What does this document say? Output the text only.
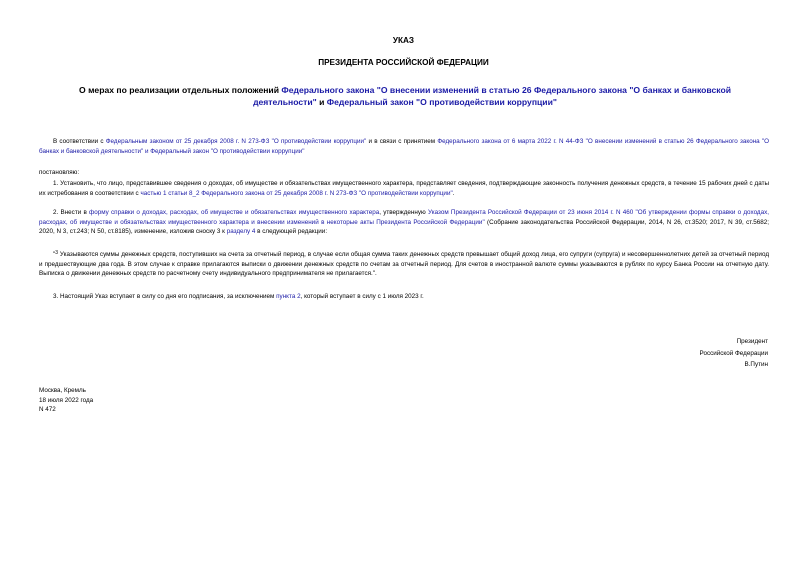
УКАЗ
ПРЕЗИДЕНТА РОССИЙСКОЙ ФЕДЕРАЦИИ
О мерах по реализации отдельных положений Федерального закона "О внесении изменений в статью 26 Федерального закона "О банках и банковской деятельности" и Федеральный закон "О противодействии коррупции"
В соответствии с Федеральным законом от 25 декабря 2008 г. N 273-ФЗ "О противодействии коррупции" и в связи с принятием Федерального закона от 6 марта 2022 г. N 44-ФЗ "О внесении изменений в статью 26 Федерального закона "О банках и банковской деятельности" и Федеральный закон "О противодействии коррупции"
постановляю:
1. Установить, что лицо, представившее сведения о доходах, об имуществе и обязательствах имущественного характера, представляет сведения, подтверждающие законность получения денежных средств, в течение 15 рабочих дней с даты их истребования в соответствии с частью 1 статьи 8_2 Федерального закона от 25 декабря 2008 г. N 273-ФЗ "О противодействии коррупции".
2. Внести в форму справки о доходах, расходах, об имуществе и обязательствах имущественного характера, утвержденную Указом Президента Российской Федерации от 23 июня 2014 г. N 460 "Об утверждении формы справки о доходах, расходах, об имуществе и обязательствах имущественного характера и внесении изменений в некоторые акты Президента Российской Федерации" (Собрание законодательства Российской Федерации, 2014, N 26, ст.3520; 2017, N 39, ст.5682; 2020, N 3, ст.243; N 50, ст.8185), изменение, изложив сноску 3 к разделу 4 в следующей редакции:
"$^3$ Указываются суммы денежных средств, поступивших на счета за отчетный период, в случае если общая сумма таких денежных средств превышает общий доход лица, его супруги (супруга) и несовершеннолетних детей за отчетный период и предшествующие два года. В этом случае к справке прилагаются выписки о движении денежных средств по счетам за отчетный период. Для счетов в иностранной валюте суммы указываются в рублях по курсу Банка России на отчетную дату. Выписка о движении денежных средств по расчетному счету индивидуального предпринимателя не прилагается.".
3. Настоящий Указ вступает в силу со дня его подписания, за исключением пункта 2, который вступает в силу с 1 июля 2023 г.
Президент
Российской Федерации
В.Путин
Москва, Кремль
18 июля 2022 года
N 472
